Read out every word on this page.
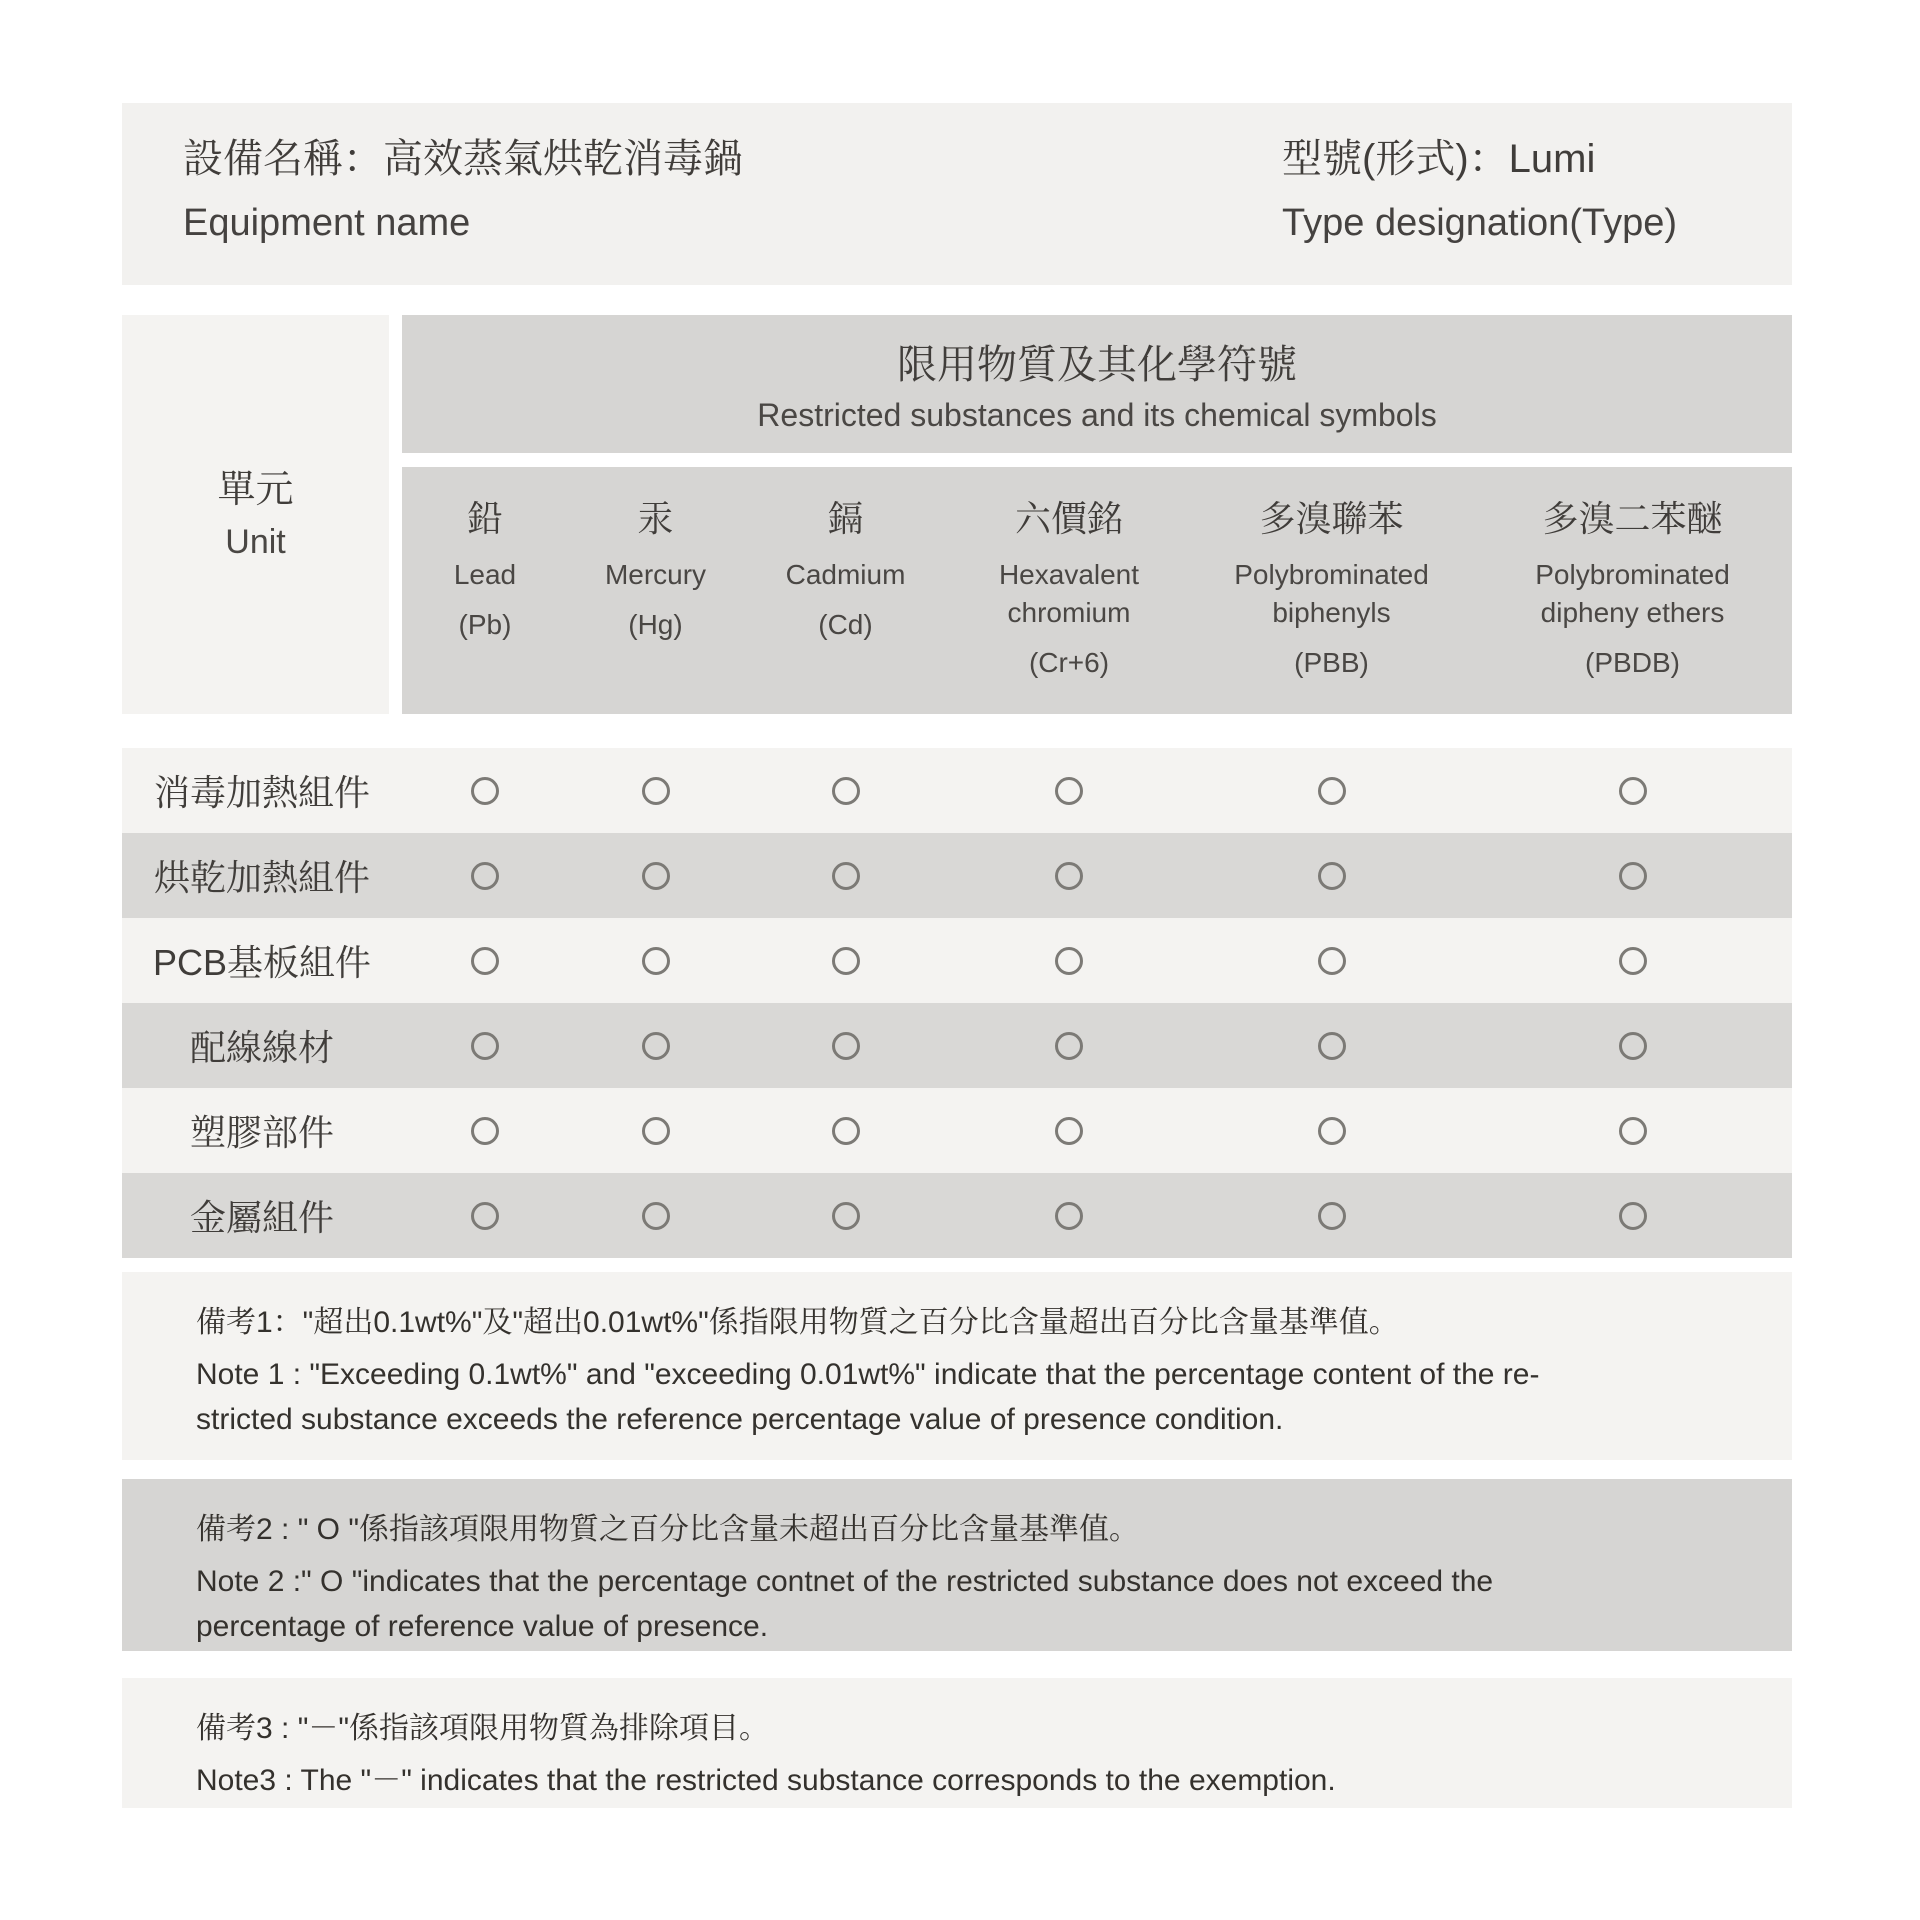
設備名稱：高效蒸氣烘乾消毒鍋
Equipment name
型號(形式)：Lumi
Type designation(Type)
單元
Unit
限用物質及其化學符號
Restricted substances and its chemical symbols
鉛
Lead
(Pb)
汞
Mercury
(Hg)
鎘
Cadmium
(Cd)
六價銘
Hexavalent
chromium
(Cr+6)
多溴聯苯
Polybrominated
biphenyls
(PBB)
多溴二苯醚
Polybrominated
dipheny ethers
(PBDB)
消毒加熱組件
烘乾加熱組件
PCB基板組件
配線線材
塑膠部件
金屬組件
備考1："超出0.1wt%"及"超出0.01wt%"係指限用物質之百分比含量超出百分比含量基準值。
Note 1 : "Exceeding 0.1wt%" and "exceeding 0.01wt%" indicate that the percentage content of the re-
stricted substance exceeds the reference percentage value of presence condition.
備考2 : " O "係指該項限用物質之百分比含量未超出百分比含量基準值。
Note 2 :" O "indicates that the percentage contnet of the restricted substance does not exceed the
percentage of reference value of presence.
備考3 : "－"係指該項限用物質為排除項目。
Note3 : The "－" indicates that the restricted substance corresponds to the exemption.
